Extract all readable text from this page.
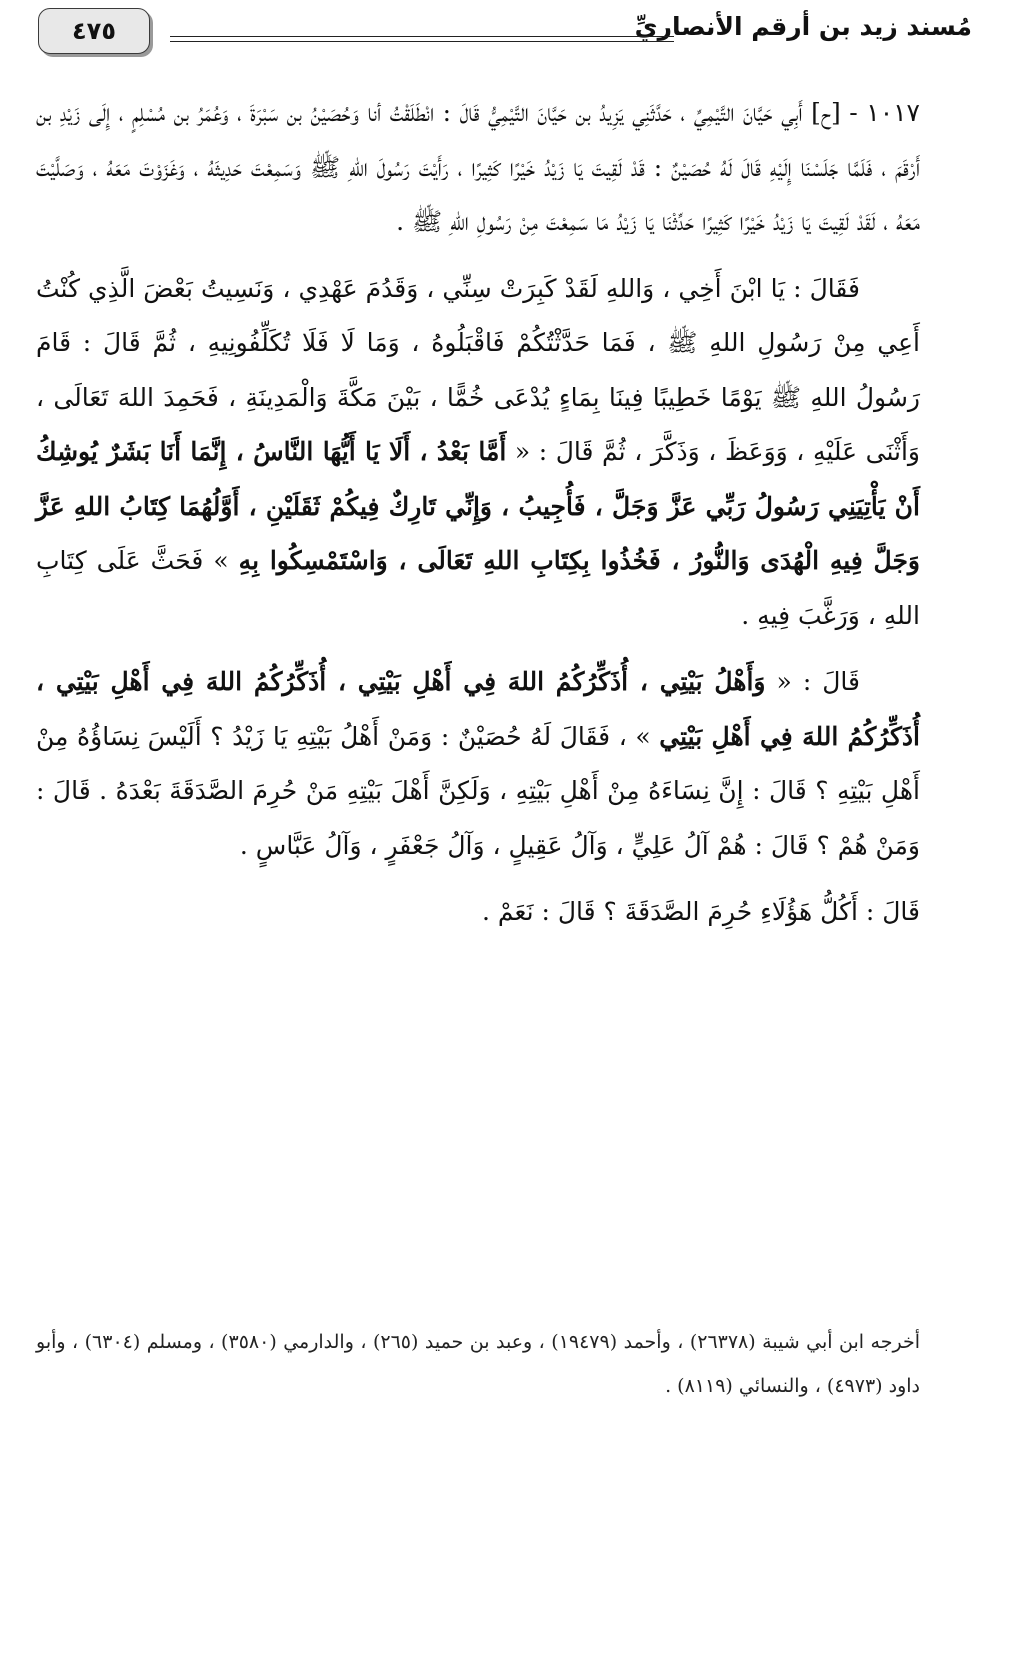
مُسند زيد بن أرقم الأنصاريِّ
٤٧٥

١٠١٧ - [ح] أَبِي حَيَّانَ التَّيْمِيِّ ، حَدَّثَنِي يَزِيدُ بن حَيَّانَ التَّيْمِيُّ قَالَ : انْطَلَقْتُ أنا وَحُصَيْنُ بن سَبْرَةَ ، وَعُمَرُ بن مُسْلِمٍ ، إِلَى زَيْدِ بن أَرْقَمَ ، فَلَمَّا جَلَسْنَا إِلَيْهِ قَالَ لَهُ حُصَيْنٌ : قَدْ لَقِيتَ يَا زَيْدُ خَيْرًا كَثِيرًا ، رَأَيْتَ رَسُولَ اللهِ ﷺ وَسَمِعْتَ حَدِيثَهُ ، وَغَزَوْتَ مَعَهُ ، وَصَلَّيْتَ مَعَهُ ، لَقَدْ لَقِيتَ يَا زَيْدُ خَيْرًا كَثِيرًا حَدِّثْنَا يَا زَيْدُ مَا سَمِعْتَ مِنْ رَسُولِ اللهِ ﷺ .

فَقَالَ : يَا ابْنَ أَخِي ، وَاللهِ لَقَدْ كَبِرَتْ سِنِّي ، وَقَدُمَ عَهْدِي ، وَنَسِيتُ بَعْضَ الَّذِي كُنْتُ أَعِي مِنْ رَسُولِ اللهِ ﷺ ، فَمَا حَدَّثْتُكُمْ فَاقْبَلُوهُ ، وَمَا لَا فَلَا تُكَلِّفُونِيهِ ، ثُمَّ قَالَ : قَامَ رَسُولُ اللهِ ﷺ يَوْمًا خَطِيبًا فِينَا بِمَاءٍ يُدْعَى خُمًّا ، بَيْنَ مَكَّةَ وَالْمَدِينَةِ ، فَحَمِدَ اللهَ تَعَالَى ، وَأَثْنَى عَلَيْهِ ، وَوَعَظَ ، وَذَكَّرَ ، ثُمَّ قَالَ : « أَمَّا بَعْدُ ، أَلَا يَا أَيُّهَا النَّاسُ ، إِنَّمَا أَنَا بَشَرٌ يُوشِكُ أَنْ يَأْتِيَنِي رَسُولُ رَبِّي عَزَّ وَجَلَّ ، فَأُجِيبُ ، وَإِنِّي تَارِكٌ فِيكُمْ ثَقَلَيْنِ ، أَوَّلُهُمَا كِتَابُ اللهِ عَزَّ وَجَلَّ فِيهِ الْهُدَى وَالنُّورُ ، فَخُذُوا بِكِتَابِ اللهِ تَعَالَى ، وَاسْتَمْسِكُوا بِهِ » فَحَثَّ عَلَى كِتَابِ اللهِ ، وَرَغَّبَ فِيهِ .

قَالَ : « وَأَهْلُ بَيْتِي ، أُذَكِّرُكُمُ اللهَ فِي أَهْلِ بَيْتِي ، أُذَكِّرُكُمُ اللهَ فِي أَهْلِ بَيْتِي ، أُذَكِّرُكُمُ اللهَ فِي أَهْلِ بَيْتِي » ، فَقَالَ لَهُ حُصَيْنٌ : وَمَنْ أَهْلُ بَيْتِهِ يَا زَيْدُ ؟ أَلَيْسَ نِسَاؤُهُ مِنْ أَهْلِ بَيْتِهِ ؟ قَالَ : إِنَّ نِسَاءَهُ مِنْ أَهْلِ بَيْتِهِ ، وَلَكِنَّ أَهْلَ بَيْتِهِ مَنْ حُرِمَ الصَّدَقَةَ بَعْدَهُ . قَالَ : وَمَنْ هُمْ ؟ قَالَ : هُمْ آلُ عَلِيٍّ ، وَآلُ عَقِيلٍ ، وَآلُ جَعْفَرٍ ، وَآلُ عَبَّاسٍ .

قَالَ : أَكُلُّ هَؤُلَاءِ حُرِمَ الصَّدَقَةَ ؟ قَالَ : نَعَمْ .

أخرجه ابن أبي شيبة (٢٦٣٧٨) ، وأحمد (١٩٤٧٩) ، وعبد بن حميد (٢٦٥) ، والدارمي (٣٥٨٠) ، ومسلم (٦٣٠٤) ، وأبو داود (٤٩٧٣) ، والنسائي (٨١١٩) .
